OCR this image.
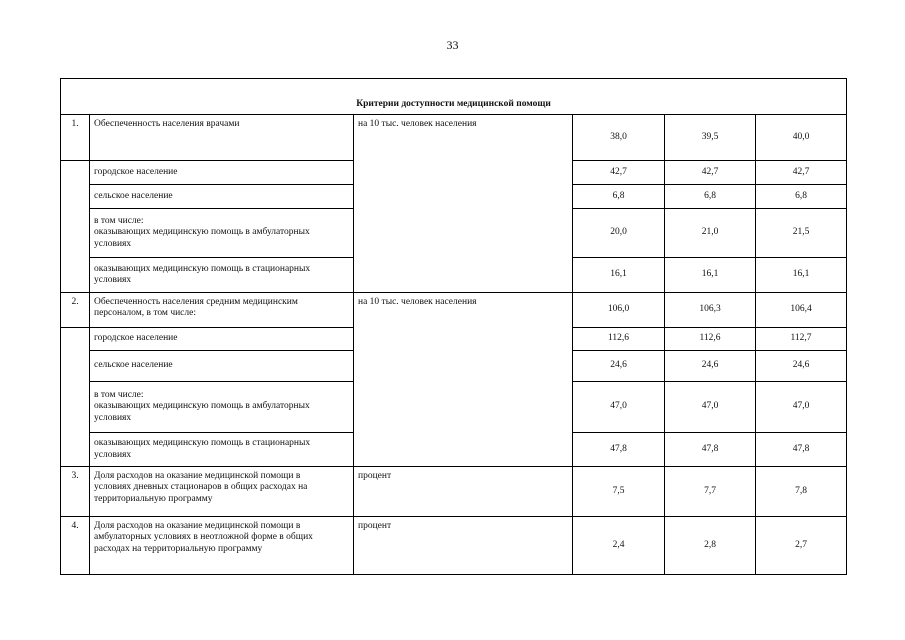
33
Критерии доступности медицинской помощи					
1.	Обеспеченность населения врачами	на 10 тыс. человек населения	38,0	39,5	40,0
	городское население		42,7	42,7	42,7
	сельское население		6,8	6,8	6,8

	в том числе:
оказывающих медицинскую помощь в амбулаторных
условиях		20,0	21,0	21,5

	оказывающих медицинскую помощь в стационарных
условиях		16,1	16,1	16,1
2.	Обеспеченность населения средним медицинским
персоналом, в том числе:	на 10 тыс. человек населения	106,0	106,3	106,4
	городское население		112,6	112,6	112,7
	сельское население		24,6	24,6	24,6

	в том числе:
оказывающих медицинскую помощь в амбулаторных
условиях		47,0	47,0	47,0

	оказывающих медицинскую помощь в стационарных
условиях		47,8	47,8	47,8
3.	Доля расходов на оказание медицинской помощи в
условиях дневных стационаров в общих расходах на
территориальную программу	процент	7,5	7,7	7,8
4.	Доля расходов на оказание медицинской помощи в
амбулаторных условиях в неотложной форме в общих
расходах на территориальную программу	процент	2,4	2,8	2,7
